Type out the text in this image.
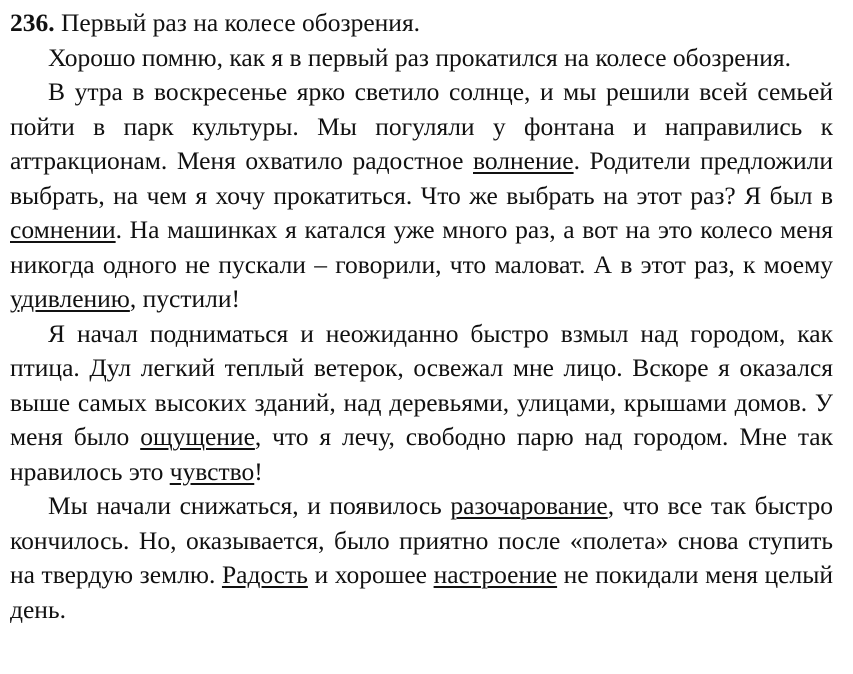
236. Первый раз на колесе обозрения.

Хорошо помню, как я в первый раз прокатился на колесе обозрения.

В утра в воскресенье ярко светило солнце, и мы решили всей семьей пойти в парк культуры. Мы погуляли у фонтана и направились к аттракционам. Меня охватило радостное волнение. Родители предложили выбрать, на чем я хочу прокатиться. Что же выбрать на этот раз? Я был в сомнении. На машинках я катался уже много раз, а вот на это колесо меня никогда одного не пускали – говорили, что маловат. А в этот раз, к моему удивлению, пустили!

Я начал подниматься и неожиданно быстро взмыл над городом, как птица. Дул легкий теплый ветерок, освежал мне лицо. Вскоре я оказался выше самых высоких зданий, над деревьями, улицами, крышами домов. У меня было ощущение, что я лечу, свободно парю над городом. Мне так нравилось это чувство!

Мы начали снижаться, и появилось разочарование, что все так быстро кончилось. Но, оказывается, было приятно после «полета» снова ступить на твердую землю. Радость и хорошее настроение не покидали меня целый день.
